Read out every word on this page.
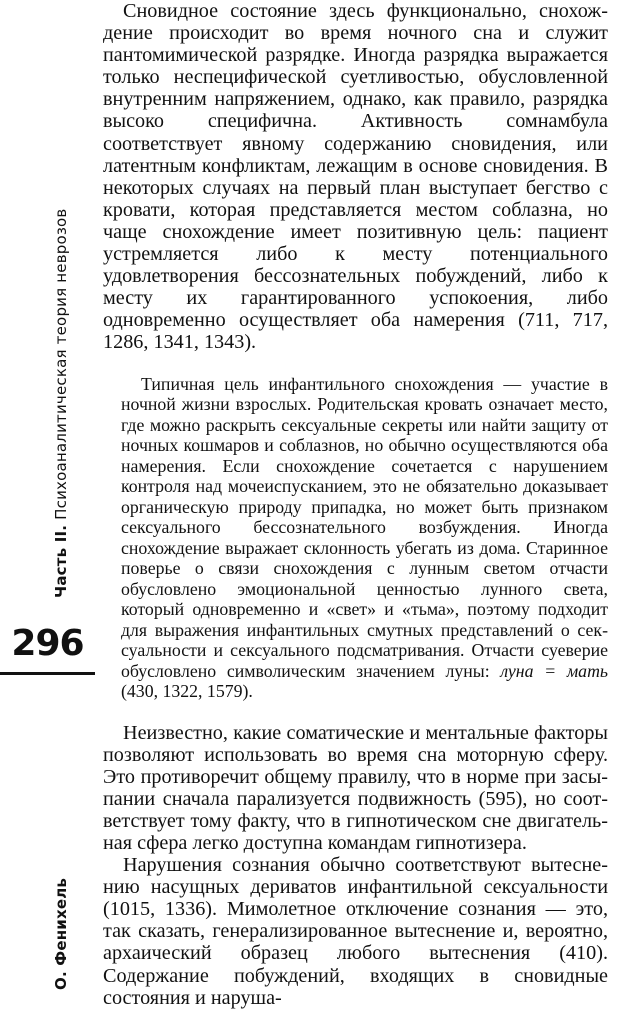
Часть II. Психоаналитическая теория неврозов
296
О. Фенихель

Сновидное состояние здесь функционально, снохождение происходит во время ночного сна и служит пантомимической разрядке. Иногда разрядка выражается только неспецифической суетливостью, обусловленной внутренним напряжением, однако, как правило, разрядка высоко специфична. Активность сомнамбула соответствует явному содержанию сновидения, или латентным конфликтам, лежащим в основе сновидения. В некоторых случаях на первый план выступает бегство с кровати, которая представляется местом соблазна, но чаще снохождение имеет позитивную цель: пациент устремляется либо к месту потенциального удовлетворения бессознательных побуждений, либо к месту их гарантированного успокоения, либо одновременно осуществляет оба намерения (711, 717, 1286, 1341, 1343).

Типичная цель инфантильного снохождения — участие в ночной жизни взрослых. Родительская кровать означает место, где можно раскрыть сексуальные секреты или найти защиту от ночных кошмаров и соблазнов, но обычно осуществляются оба намерения. Если снохождение сочетается с нарушением контроля над мочеиспусканием, это не обязательно доказывает органическую природу припадка, но может быть признаком сексуального бессознательного возбуждения. Иногда снохождение выражает склонность убегать из дома. Старинное поверье о связи снохождения с лунным светом отчасти обусловлено эмоциональной ценностью лунного света, который одновременно и «свет» и «тьма», поэтому подходит для выражения инфантильных смутных представлений о сексуальности и сексуального подсматривания. Отчасти суеверие обусловлено символическим значением луны: луна = мать (430, 1322, 1579).

Неизвестно, какие соматические и ментальные факторы позволяют использовать во время сна моторную сферу. Это противоречит общему правилу, что в норме при засыпании сначала парализуется подвижность (595), но соответствует тому факту, что в гипнотическом сне двигательная сфера легко доступна командам гипнотизера.

Нарушения сознания обычно соответствуют вытеснению насущных дериватов инфантильной сексуальности (1015, 1336). Мимолетное отключение сознания — это, так сказать, генерализированное вытеснение и, вероятно, архаический образец любого вытеснения (410). Содержание побуждений, входящих в сновидные состояния и наруша-
